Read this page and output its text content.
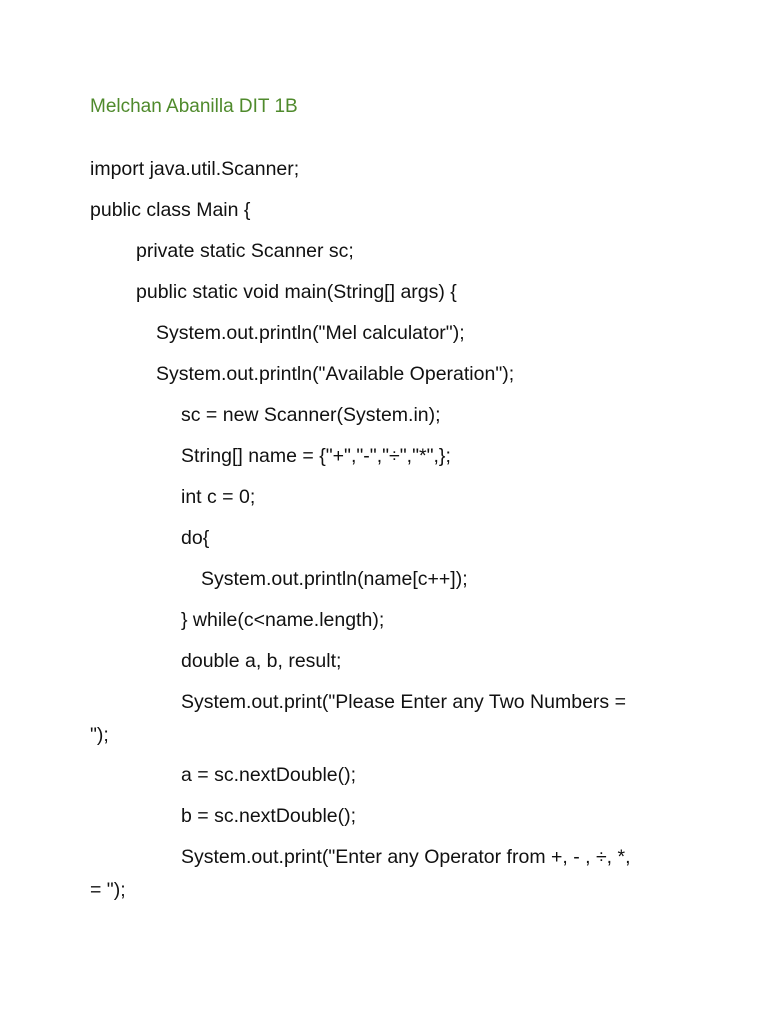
Melchan Abanilla DIT 1B
import java.util.Scanner;
public class Main {
private static Scanner sc;
public static void main(String[] args) {
System.out.println("Mel calculator");
System.out.println("Available Operation");
sc = new Scanner(System.in);
String[] name = {"+","-","÷","*",};
int c = 0;
do{
System.out.println(name[c++]);
} while(c<name.length);
double a, b, result;
System.out.print("Please Enter any Two Numbers =
");
a = sc.nextDouble();
b = sc.nextDouble();
System.out.print("Enter any Operator from +, - , ÷, *,
= ");
